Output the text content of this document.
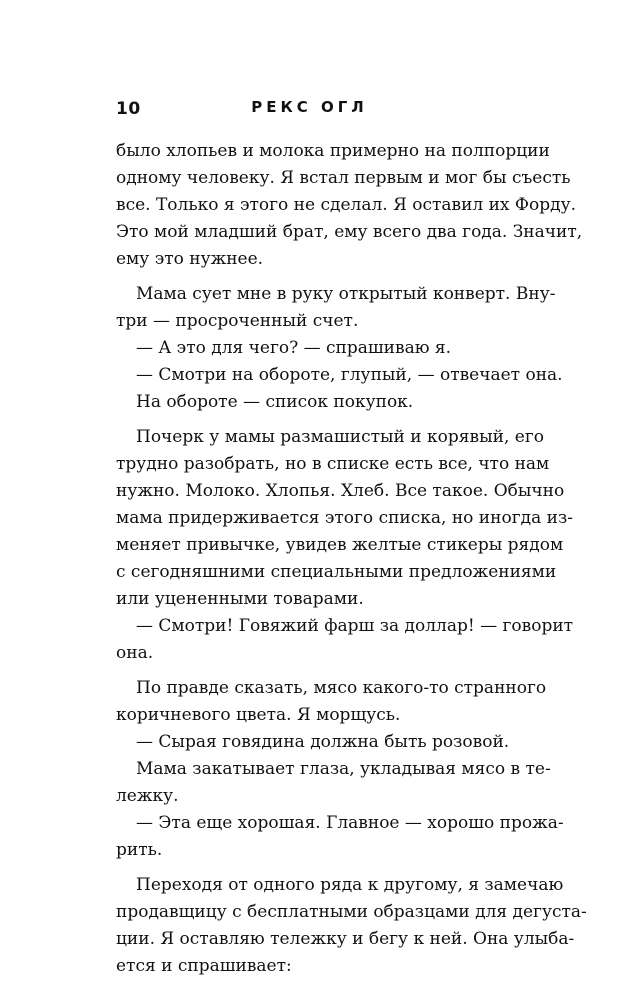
10	РЕКС ОГЛ
было хлопьев и молока примерно на полпорции
одному человеку. Я встал первым и мог бы съесть
все. Только я этого не сделал. Я оставил их Форду.
Это мой младший брат, ему всего два года. Значит,
ему это нужнее.
Мама сует мне в руку открытый конверт. Вну-
три — просроченный счет.
— А это для чего? — спрашиваю я.
— Смотри на обороте, глупый, — отвечает она.
На обороте — список покупок.
Почерк у мамы размашистый и корявый, его
трудно разобрать, но в списке есть все, что нам
нужно. Молоко. Хлопья. Хлеб. Все такое. Обычно
мама придерживается этого списка, но иногда из-
меняет привычке, увидев желтые стикеры рядом
с сегодняшними специальными предложениями
или уцененными товарами.
— Смотри! Говяжий фарш за доллар! — говорит
она.
По правде сказать, мясо какого-то странного
коричневого цвета. Я морщусь.
— Сырая говядина должна быть розовой.
Мама закатывает глаза, укладывая мясо в те-
лежку.
— Эта еще хорошая. Главное — хорошо прожа-
рить.
Переходя от одного ряда к другому, я замечаю
продавщицу с бесплатными образцами для дегуста-
ции. Я оставляю тележку и бегу к ней. Она улыба-
ется и спрашивает:
